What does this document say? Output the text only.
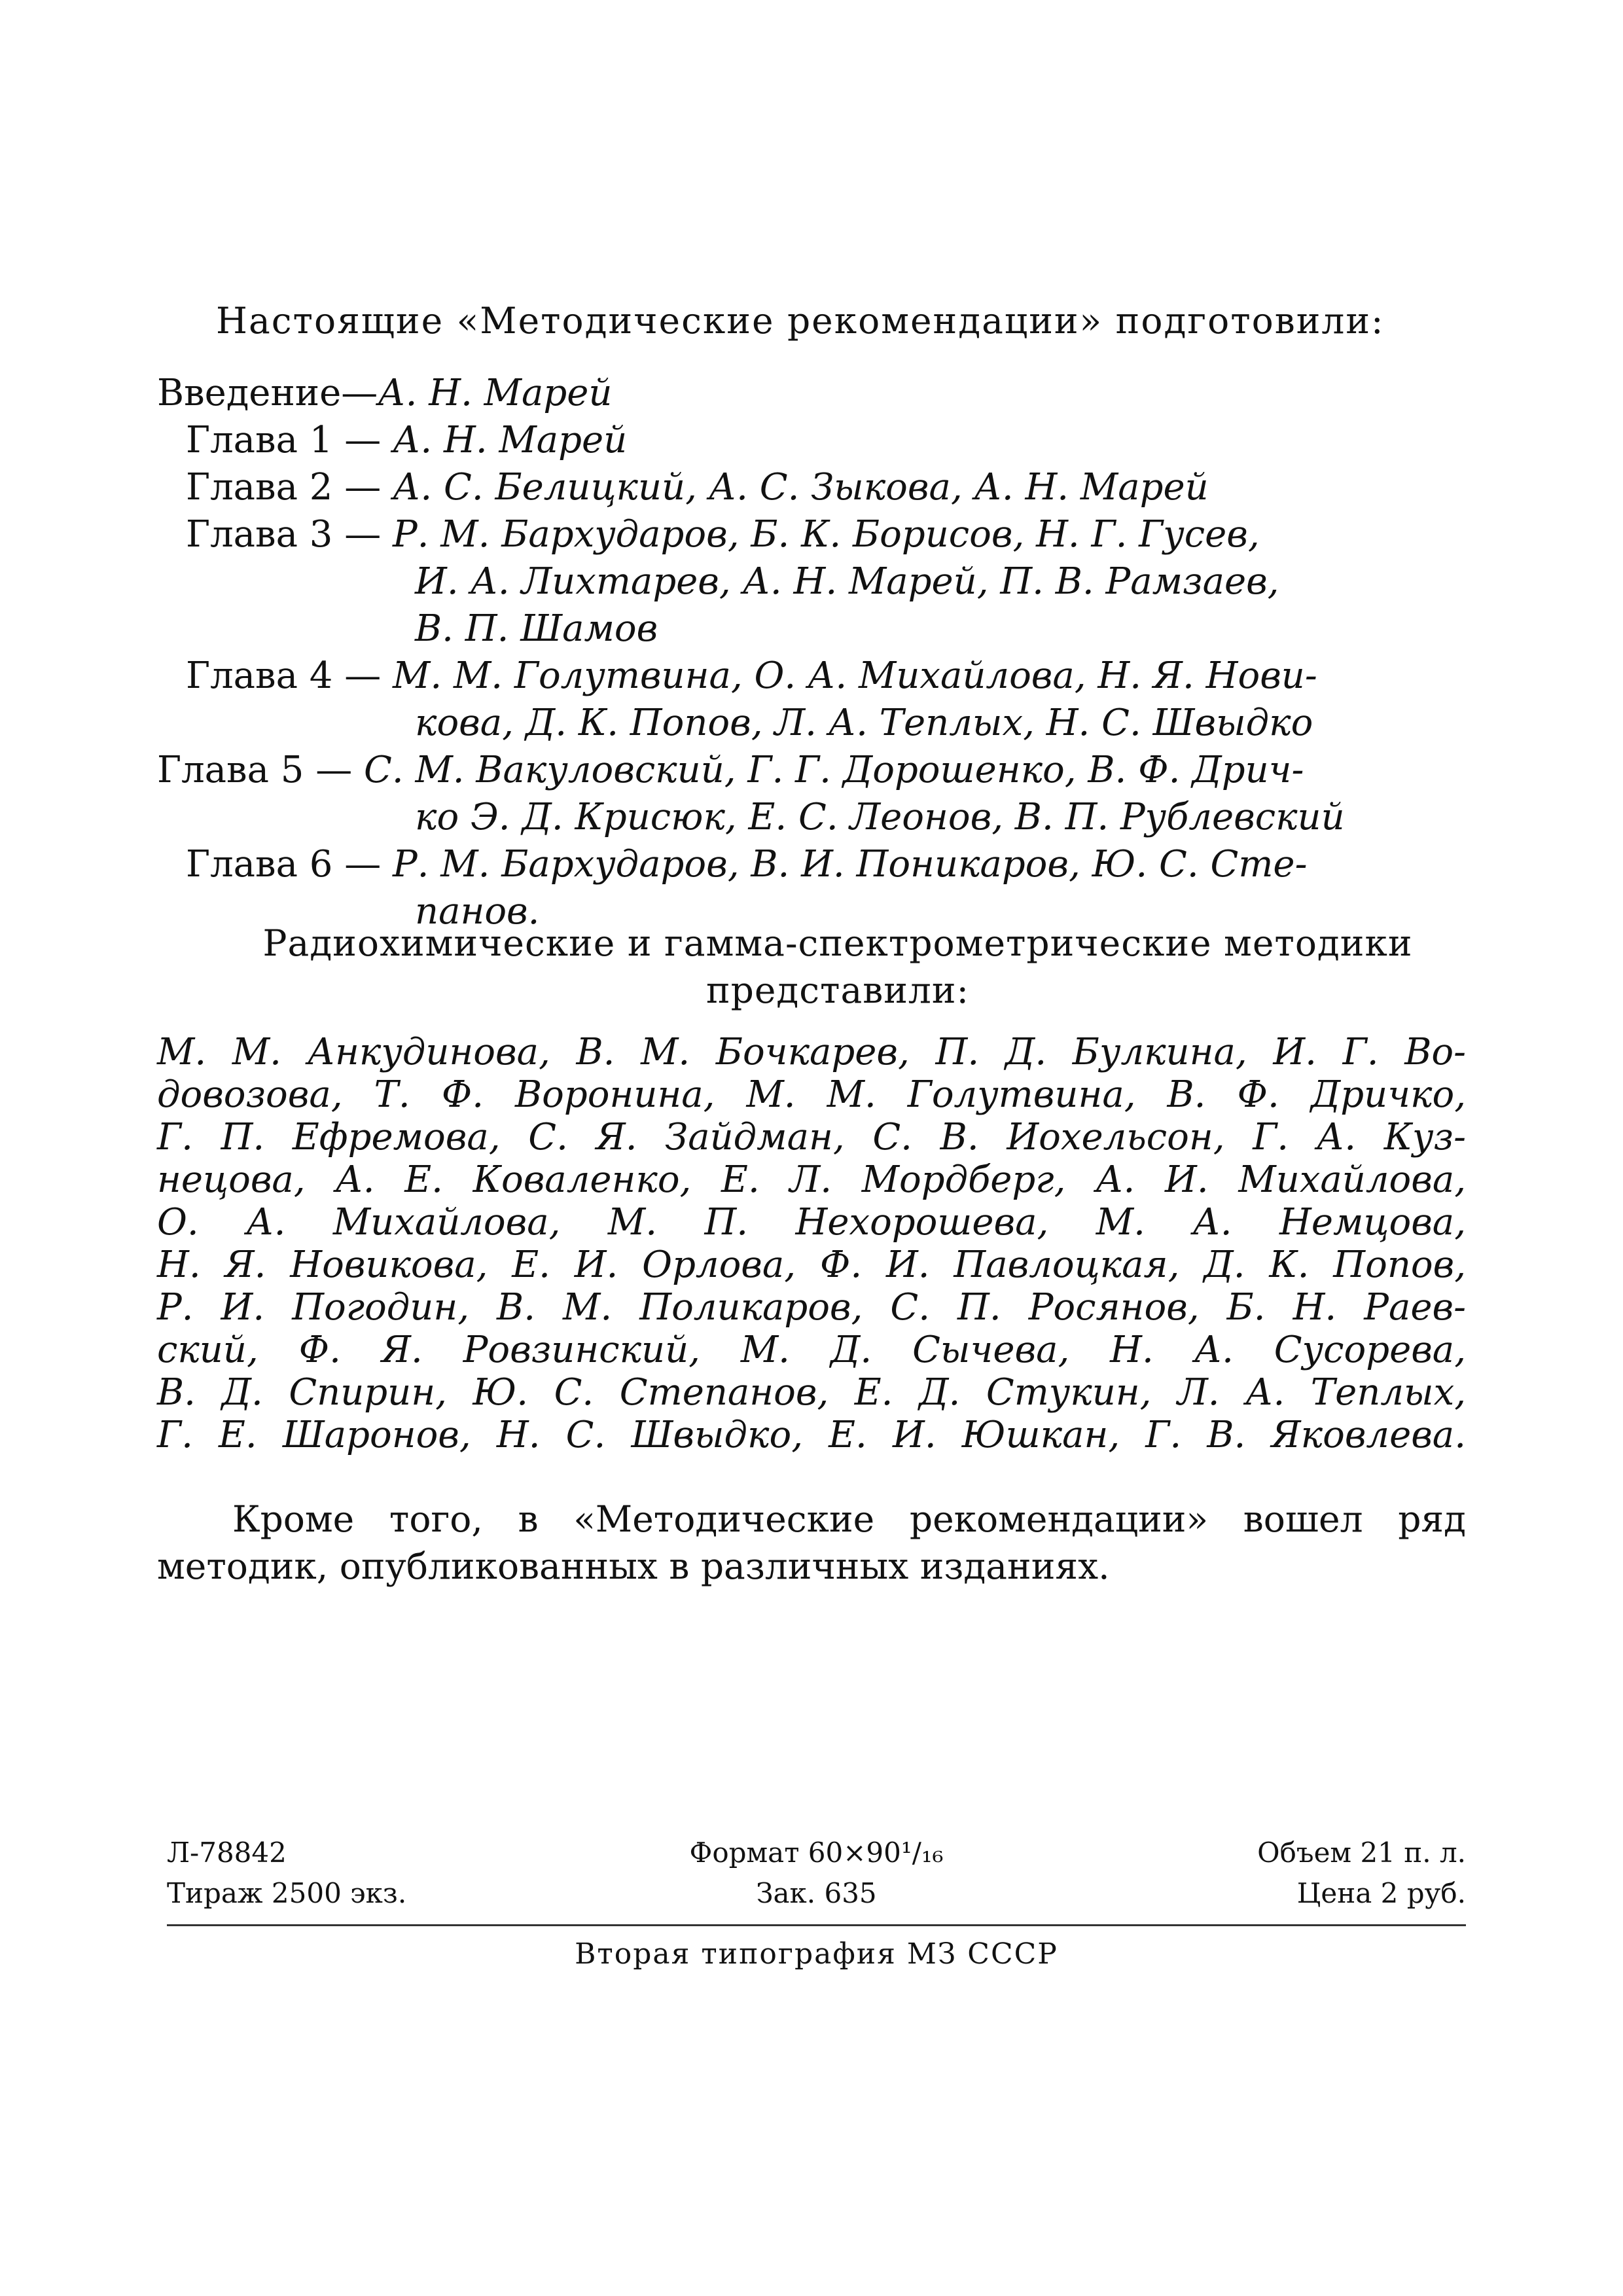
Настоящие «Методические рекомендации» подготовили:
Введение—А. Н. Марей
Глава 1 — А. Н. Марей
Глава 2 — А. С. Белицкий, А. С. Зыкова, А. Н. Марей
Глава 3 — Р. М. Бархударов, Б. К. Борисов, Н. Г. Гусев,
И. А. Лихтарев, А. Н. Марей, П. В. Рамзаев,
В. П. Шамов
Глава 4 — М. М. Голутвина, О. А. Михайлова, Н. Я. Нови-
кова, Д. К. Попов, Л. А. Теплых, Н. С. Швыдко
Глава 5 — С. М. Вакуловский, Г. Г. Дорошенко, В. Ф. Дрич-
ко Э. Д. Крисюк, Е. С. Леонов, В. П. Рублевский
Глава 6 — Р. М. Бархударов, В. И. Поникаров, Ю. С. Сте-
панов.
Радиохимические и гамма-спектрометрические методики
представили:
М. М. Анкудинова, В. М. Бочкарев, П. Д. Булкина, И. Г. Во-
довозова, Т. Ф. Воронина, М. М. Голутвина, В. Ф. Дричко,
Г. П. Ефремова, С. Я. Зайдман, С. В. Иохельсон, Г. А. Куз-
нецова, А. Е. Коваленко, Е. Л. Мордберг, А. И. Михайлова,
О. А. Михайлова, М. П. Нехорошева, М. А. Немцова,
Н. Я. Новикова, Е. И. Орлова, Ф. И. Павлоцкая, Д. К. Попов,
Р. И. Погодин, В. М. Поликаров, С. П. Росянов, Б. Н. Раев-
ский, Ф. Я. Ровзинский, М. Д. Сычева, Н. А. Сусорева,
В. Д. Спирин, Ю. С. Степанов, Е. Д. Стукин, Л. А. Теплых,
Г. Е. Шаронов, Н. С. Швыдко, Е. И. Юшкан, Г. В. Яковлева.
Кроме того, в «Методические рекомендации» вошел ряд
методик, опубликованных в различных изданиях.
Л-78842	Формат 60×90¹/₁₆	Объем 21 п. л.
Тираж 2500 экз.	Зак. 635	Цена 2 руб.
Вторая типография МЗ СССР
